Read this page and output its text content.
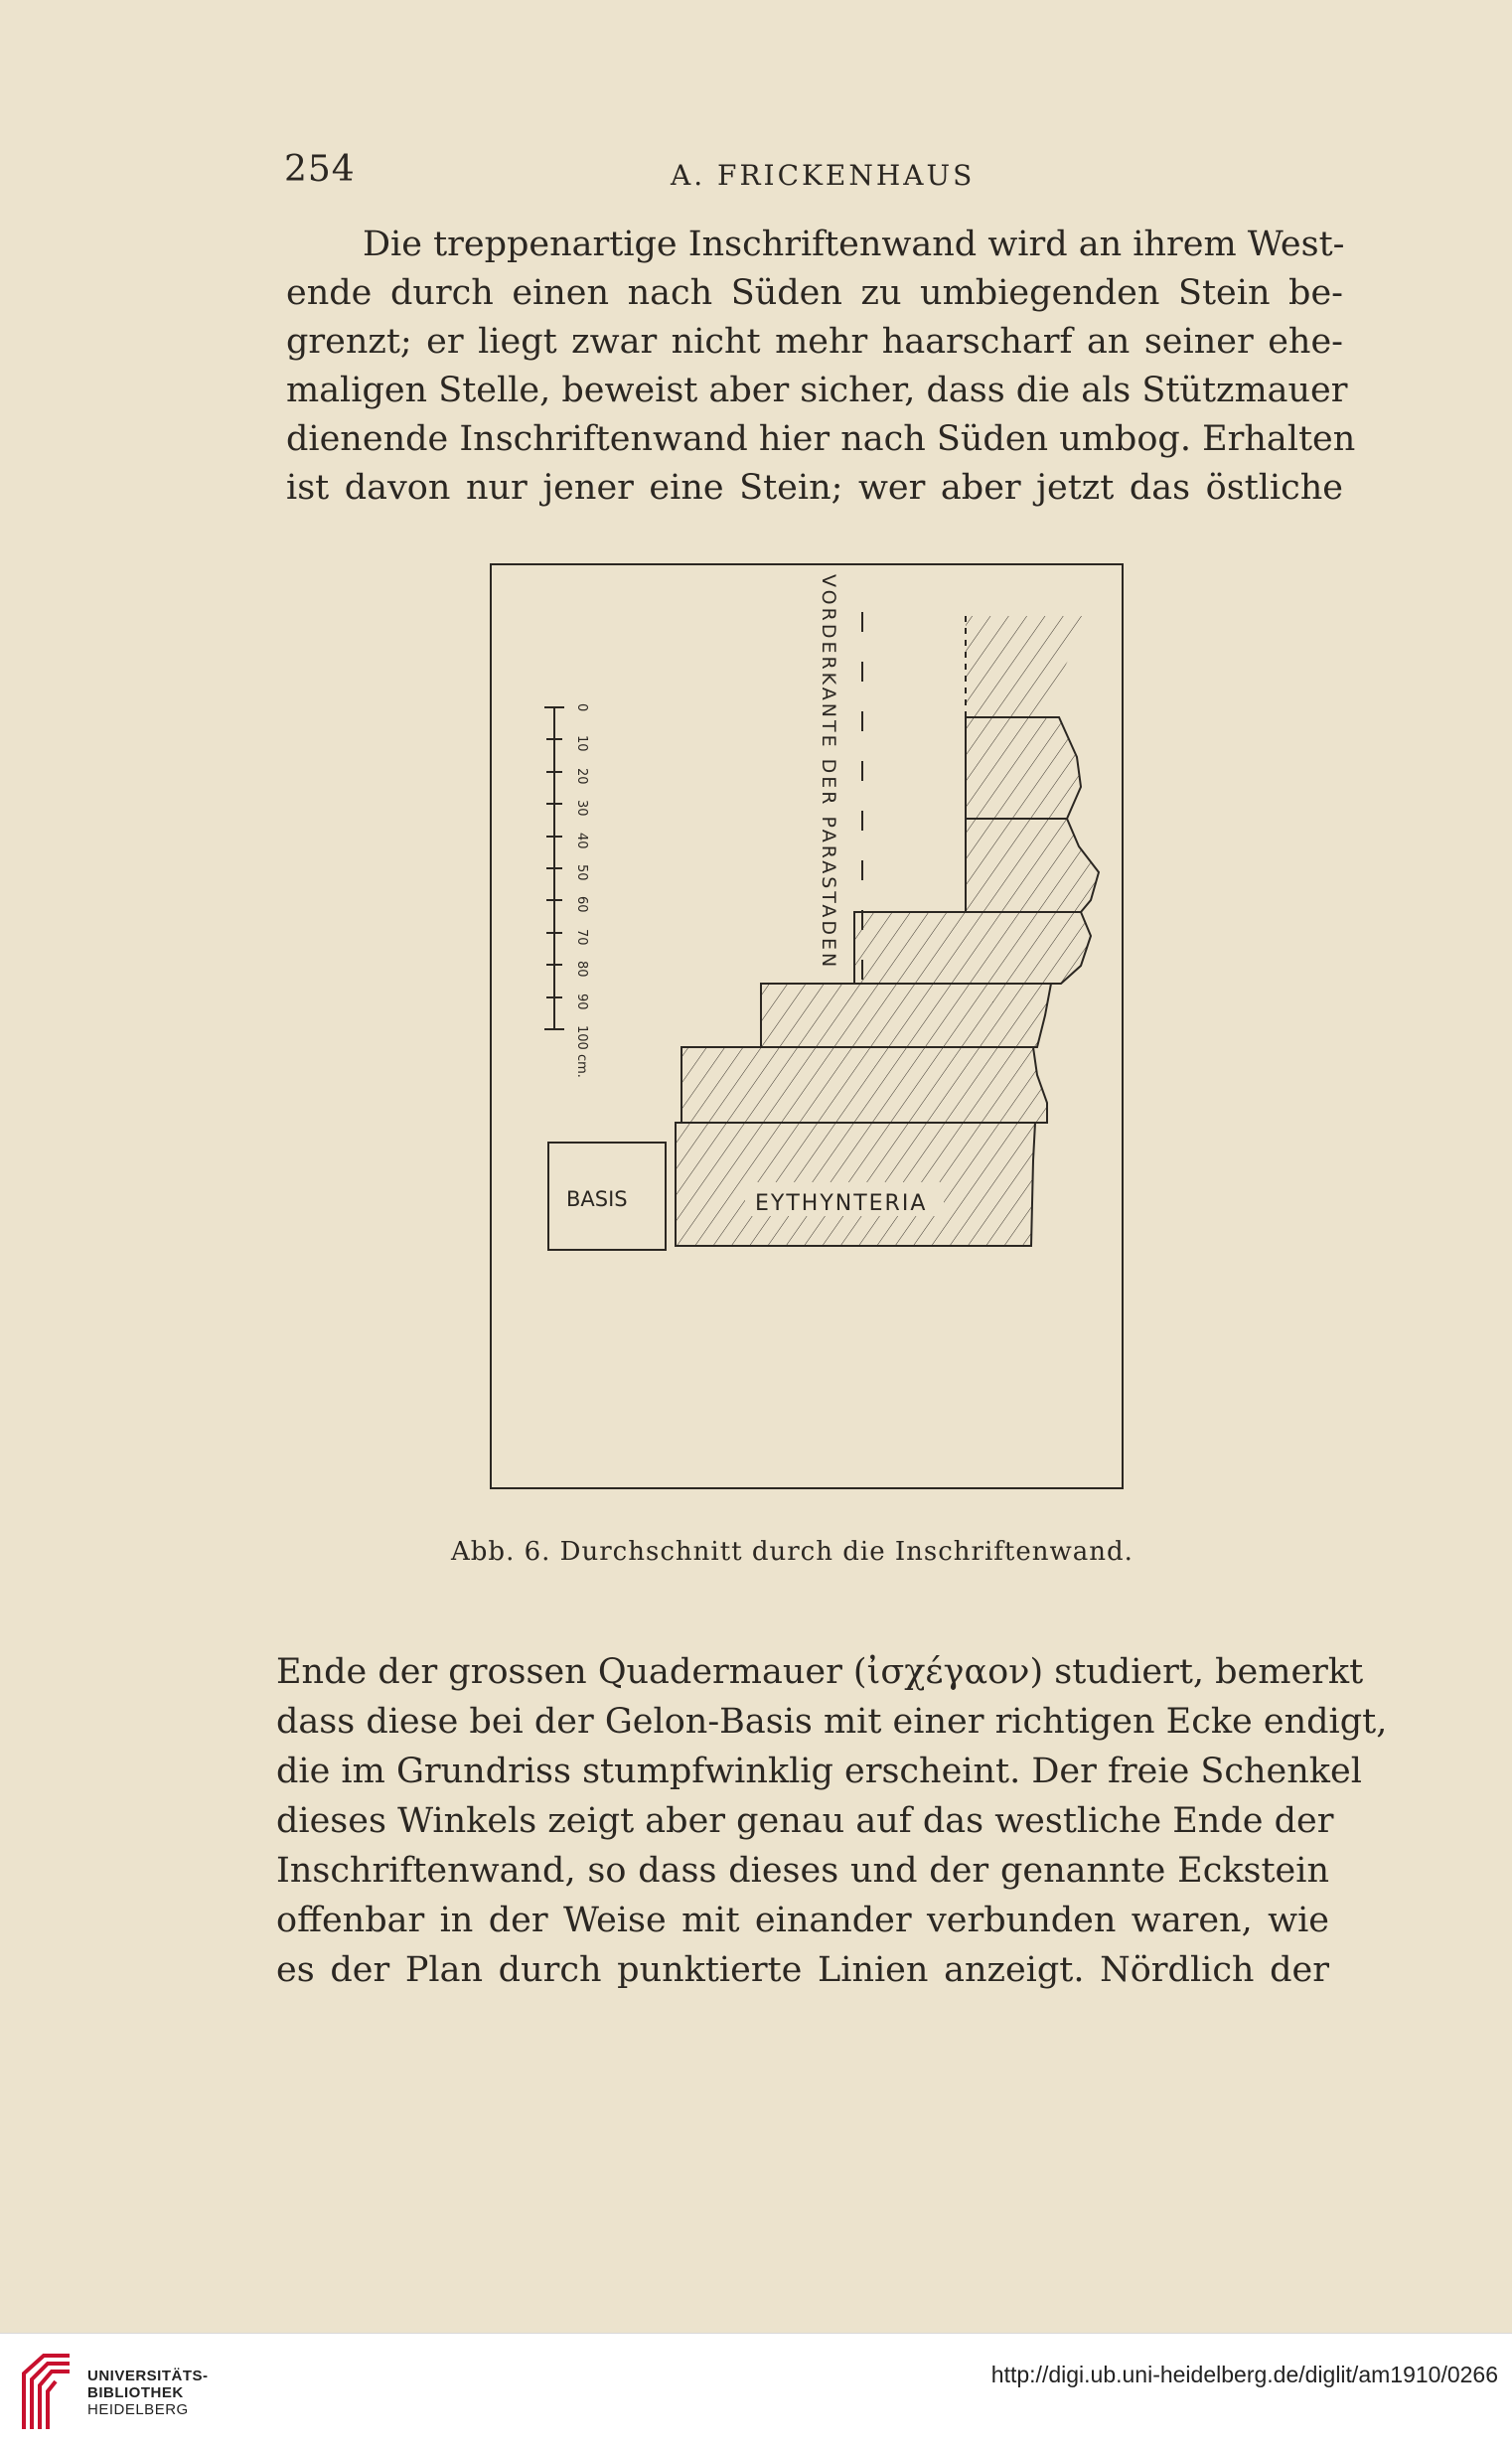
254	A. FRICKENHAUS

Die treppenartige Inschriftenwand wird an ihrem West-
ende durch einen nach Süden zu umbiegenden Stein be-
grenzt; er liegt zwar nicht mehr haarscharf an seiner ehe-
maligen Stelle, beweist aber sicher, dass die als Stützmauer
dienende Inschriftenwand hier nach Süden umbog. Erhalten
ist davon nur jener eine Stein; wer aber jetzt das östliche

EYTHYNTERIA
BASIS
VORDERKANTE DER PARASTADEN
0
10
20
30
40
50
60
70
80
90
100 cm.
Abb. 6. Durchschnitt durch die Inschriftenwand.

Ende der grossen Quadermauer (ἰσχέγαον) studiert, bemerkt
dass diese bei der Gelon-Basis mit einer richtigen Ecke endigt,
die im Grundriss stumpfwinklig erscheint. Der freie Schenkel
dieses Winkels zeigt aber genau auf das westliche Ende der
Inschriftenwand, so dass dieses und der genannte Eckstein
offenbar in der Weise mit einander verbunden waren, wie
es der Plan durch punktierte Linien anzeigt. Nördlich der

UNIVERSITÄTS-
BIBLIOTHEK
HEIDELBERG
http://digi.ub.uni-heidelberg.de/diglit/am1910/0266
